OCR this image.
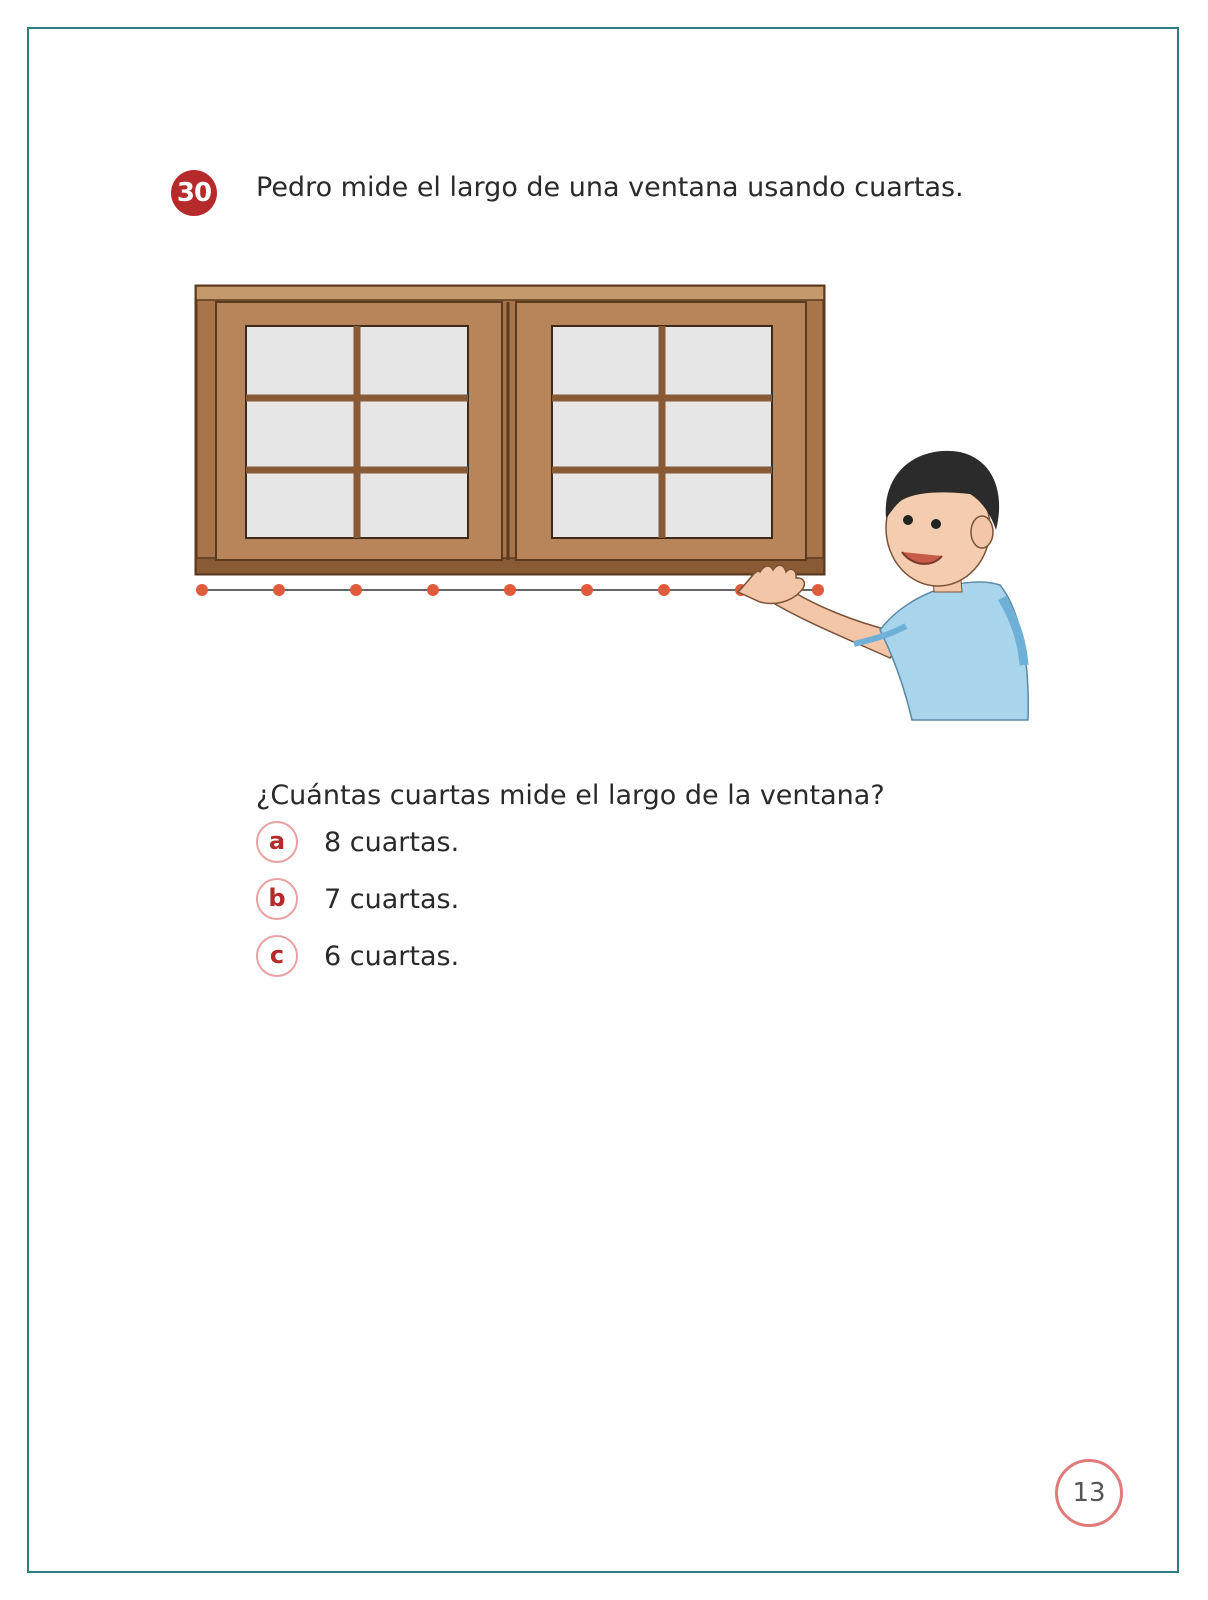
30 Pedro mide el largo de una ventana usando cuartas.
¿Cuántas cuartas mide el largo de la ventana?
a	8 cuartas.
b	7 cuartas.
c	6 cuartas.
13
